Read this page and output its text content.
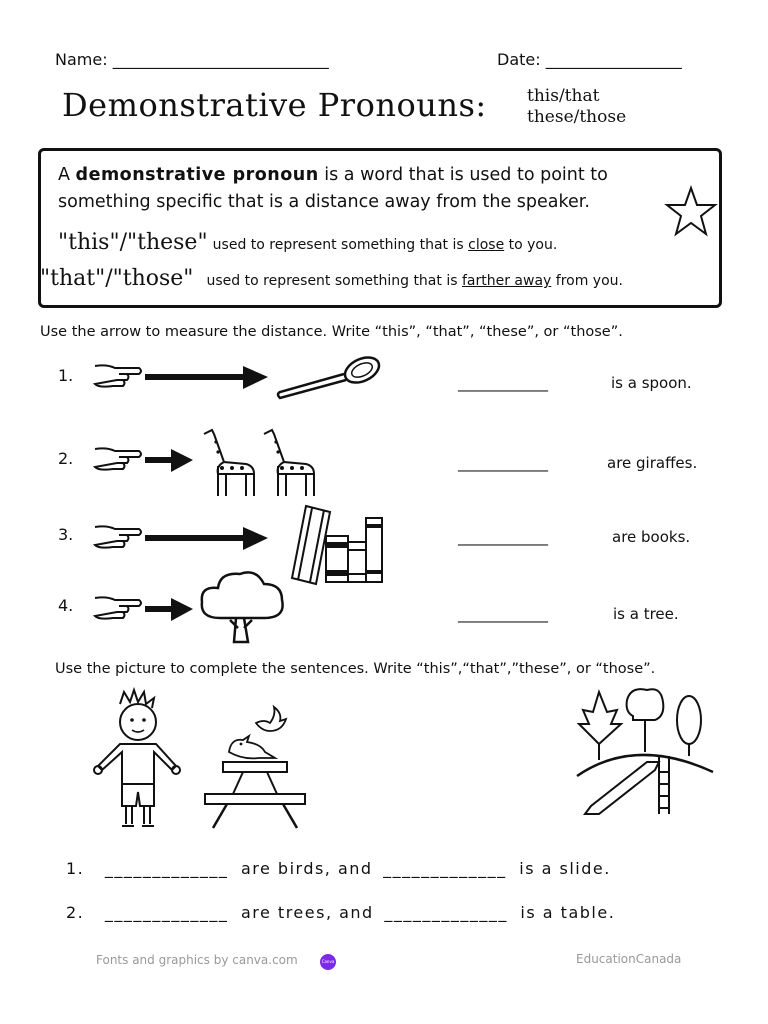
Name: ___________________________	Date: _________________
Demonstrative Pronouns: this/that
these/those
A demonstrative pronoun is a word that is used to point to something specific that is a distance away from the speaker.
"this"/"these" used to represent something that is close to you.
"that"/"those" used to represent something that is farther away from you.
Use the arrow to measure the distance. Write “this”, “that”, “these”, or “those”.
1.	____________	is a spoon.
2.	____________	are giraffes.
3.	____________	are books.
4.	____________	is a tree.
Use the picture to complete the sentences. Write “this”,“that”,”these”, or “those”.
1. _____________ are birds, and _____________ is a slide.
2. _____________ are trees, and _____________ is a table.
Fonts and graphics by canva.com	Canva	EducationCanada
